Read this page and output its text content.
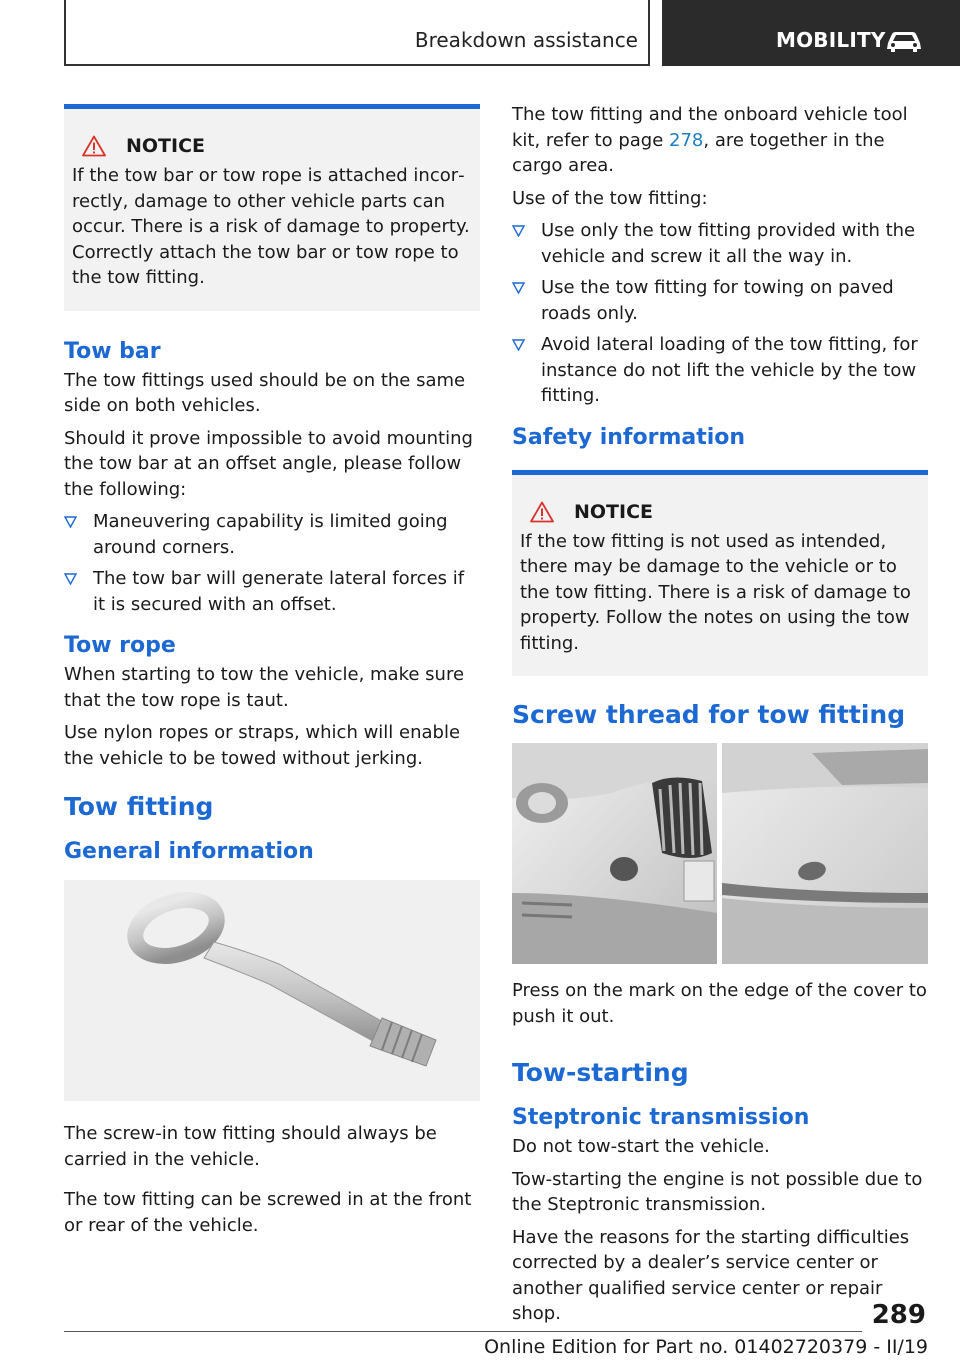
Breakdown assistance	MOBILITY
NOTICE
If the tow bar or tow rope is attached incorrectly, damage to other vehicle parts can occur. There is a risk of damage to property. Correctly attach the tow bar or tow rope to the tow fitting.
Tow bar

The tow fittings used should be on the same side on both vehicles.

Should it prove impossible to avoid mounting the tow bar at an offset angle, please follow the following:

Maneuvering capability is limited going around corners.
The tow bar will generate lateral forces if it is secured with an offset.
Tow rope

When starting to tow the vehicle, make sure that the tow rope is taut.

Use nylon ropes or straps, which will enable the vehicle to be towed without jerking.

Tow fitting
General information

The screw-in tow fitting should always be carried in the vehicle.

The tow fitting can be screwed in at the front or rear of the vehicle.

The tow fitting and the onboard vehicle tool kit, refer to page 278, are together in the cargo area.

Use of the tow fitting:

Use only the tow fitting provided with the vehicle and screw it all the way in.
Use the tow fitting for towing on paved roads only.
Avoid lateral loading of the tow fitting, for instance do not lift the vehicle by the tow fitting.
Safety information
NOTICE
If the tow fitting is not used as intended, there may be damage to the vehicle or to the tow fitting. There is a risk of damage to property. Follow the notes on using the tow fitting.
Screw thread for tow fitting

Press on the mark on the edge of the cover to push it out.

Tow-starting
Steptronic transmission

Do not tow-start the vehicle.

Tow-starting the engine is not possible due to the Steptronic transmission.

Have the reasons for the starting difficulties corrected by a dealer’s service center or another qualified service center or repair shop.	289
Online Edition for Part no. 01402720379 - II/19
